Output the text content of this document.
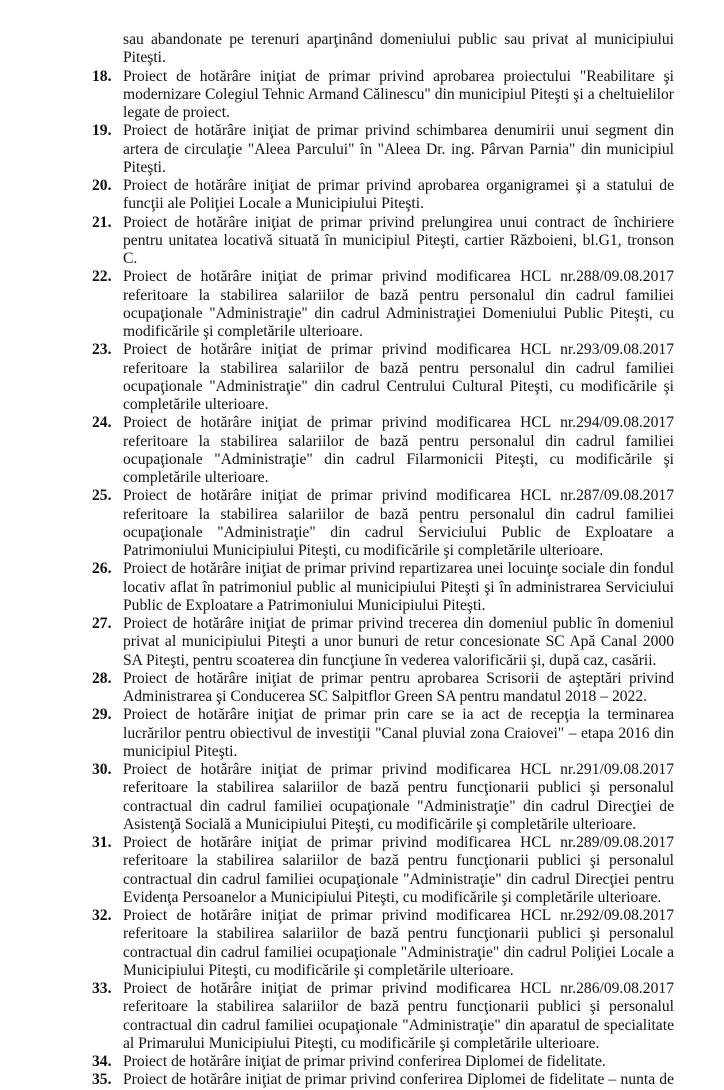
sau abandonate pe terenuri aparţinând domeniului public sau privat al municipiului Piteşti.
18. Proiect de hotărâre iniţiat de primar privind aprobarea proiectului "Reabilitare şi modernizare Colegiul Tehnic Armand Călinescu" din municipiul Piteşti şi a cheltuielilor legate de proiect.
19. Proiect de hotărâre iniţiat de primar privind schimbarea denumirii unui segment din artera de circulaţie "Aleea Parcului" în "Aleea Dr. ing. Pârvan Parnia" din municipiul Piteşti.
20. Proiect de hotărâre iniţiat de primar privind aprobarea organigramei şi a statului de funcţii ale Poliţiei Locale a Municipiului Piteşti.
21. Proiect de hotărâre iniţiat de primar privind prelungirea unui contract de închiriere pentru unitatea locativă situată în municipiul Piteşti, cartier Războieni, bl.G1, tronson C.
22. Proiect de hotărâre iniţiat de primar privind modificarea HCL nr.288/09.08.2017 referitoare la stabilirea salariilor de bază pentru personalul din cadrul familiei ocupaţionale "Administraţie" din cadrul Administraţiei Domeniului Public Piteşti, cu modificările şi completările ulterioare.
23. Proiect de hotărâre iniţiat de primar privind modificarea HCL nr.293/09.08.2017 referitoare la stabilirea salariilor de bază pentru personalul din cadrul familiei ocupaţionale "Administraţie" din cadrul Centrului Cultural Piteşti, cu modificările şi completările ulterioare.
24. Proiect de hotărâre iniţiat de primar privind modificarea HCL nr.294/09.08.2017 referitoare la stabilirea salariilor de bază pentru personalul din cadrul familiei ocupaţionale "Administraţie" din cadrul Filarmonicii Piteşti, cu modificările şi completările ulterioare.
25. Proiect de hotărâre iniţiat de primar privind modificarea HCL nr.287/09.08.2017 referitoare la stabilirea salariilor de bază pentru personalul din cadrul familiei ocupaţionale "Administraţie" din cadrul Serviciului Public de Exploatare a Patrimoniului Municipiului Piteşti, cu modificările şi completările ulterioare.
26. Proiect de hotărâre iniţiat de primar privind repartizarea unei locuinţe sociale din fondul locativ aflat în patrimoniul public al municipiului Piteşti şi în administrarea Serviciului Public de Exploatare a Patrimoniului Municipiului Piteşti.
27. Proiect de hotărâre iniţiat de primar privind trecerea din domeniul public în domeniul privat al municipiului Piteşti a unor bunuri de retur concesionate SC Apă Canal 2000 SA Piteşti, pentru scoaterea din funcţiune în vederea valorificării şi, după caz, casării.
28. Proiect de hotărâre iniţiat de primar pentru aprobarea Scrisorii de aşteptări privind Administrarea şi Conducerea SC Salpitflor Green SA pentru mandatul 2018 – 2022.
29. Proiect de hotărâre iniţiat de primar prin care se ia act de recepţia la terminarea lucrărilor pentru obiectivul de investiţii "Canal pluvial zona Craiovei" – etapa 2016 din municipiul Piteşti.
30. Proiect de hotărâre iniţiat de primar privind modificarea HCL nr.291/09.08.2017 referitoare la stabilirea salariilor de bază pentru funcţionarii publici şi personalul contractual din cadrul familiei ocupaţionale "Administraţie" din cadrul Direcţiei de Asistenţă Socială a Municipiului Piteşti, cu modificările şi completările ulterioare.
31. Proiect de hotărâre iniţiat de primar privind modificarea HCL nr.289/09.08.2017 referitoare la stabilirea salariilor de bază pentru funcţionarii publici şi personalul contractual din cadrul familiei ocupaţionale "Administraţie" din cadrul Direcţiei pentru Evidenţa Persoanelor a Municipiului Piteşti, cu modificările şi completările ulterioare.
32. Proiect de hotărâre iniţiat de primar privind modificarea HCL nr.292/09.08.2017 referitoare la stabilirea salariilor de bază pentru funcţionarii publici şi personalul contractual din cadrul familiei ocupaţionale "Administraţie" din cadrul Poliţiei Locale a Municipiului Piteşti, cu modificările şi completările ulterioare.
33. Proiect de hotărâre iniţiat de primar privind modificarea HCL nr.286/09.08.2017 referitoare la stabilirea salariilor de bază pentru funcţionarii publici şi personalul contractual din cadrul familiei ocupaţionale "Administraţie" din aparatul de specialitate al Primarului Municipiului Piteşti, cu modificările şi completările ulterioare.
34. Proiect de hotărâre iniţiat de primar privind conferirea Diplomei de fidelitate.
35. Proiect de hotărâre iniţiat de primar privind conferirea Diplomei de fidelitate – nunta de
